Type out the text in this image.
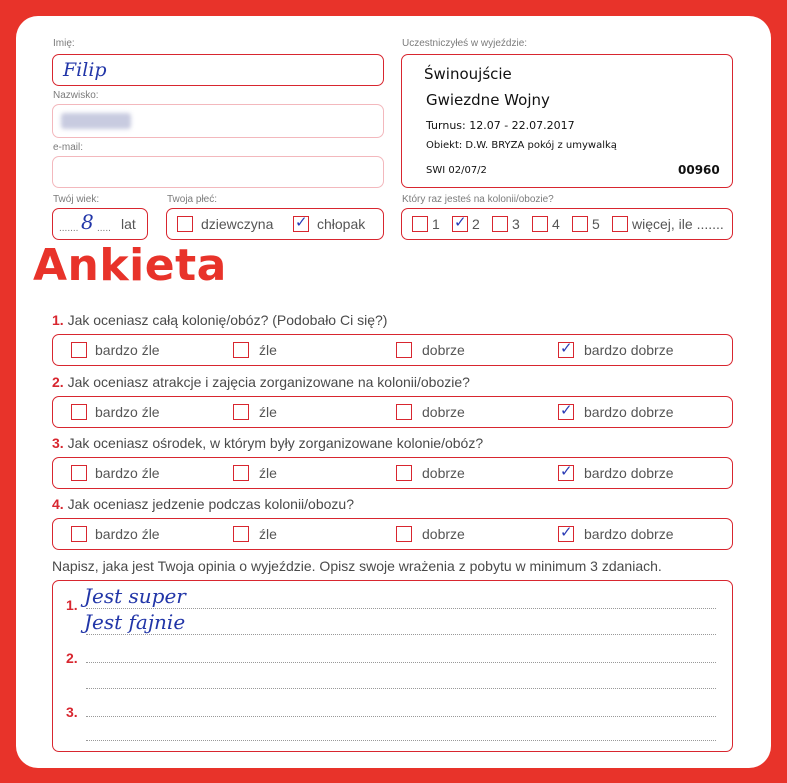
Imię:
Filip
Nazwisko:
e-mail:
Twój wiek:
....... 8 ..... lat
Twoja płeć:
dziewczyna ✓ chłopak
Uczestniczyłeś w wyjeździe:
Świnoujście
Gwiezdne Wojny
Turnus: 12.07 - 22.07.2017
Obiekt: D.W. BRYZA pokój z umywalką
SWI 02/07/2	00960
Który raz jesteś na kolonii/obozie?
1 ✓ 2 3 4 5 więcej, ile .......
Ankieta
1. Jak oceniasz całą kolonię/obóz? (Podobało Ci się?)
bardzo źle	źle	dobrze	✓ bardzo dobrze
2. Jak oceniasz atrakcje i zajęcia zorganizowane na kolonii/obozie?
bardzo źle	źle	dobrze	✓ bardzo dobrze
3. Jak oceniasz ośrodek, w którym były zorganizowane kolonie/obóz?
bardzo źle	źle	dobrze	✓ bardzo dobrze
4. Jak oceniasz jedzenie podczas kolonii/obozu?
bardzo źle	źle	dobrze	✓ bardzo dobrze
Napisz, jaka jest Twoja opinia o wyjeździe. Opisz swoje wrażenia z pobytu w minimum 3 zdaniach.
1. Jest super
Jest fajnie
2.
3.
